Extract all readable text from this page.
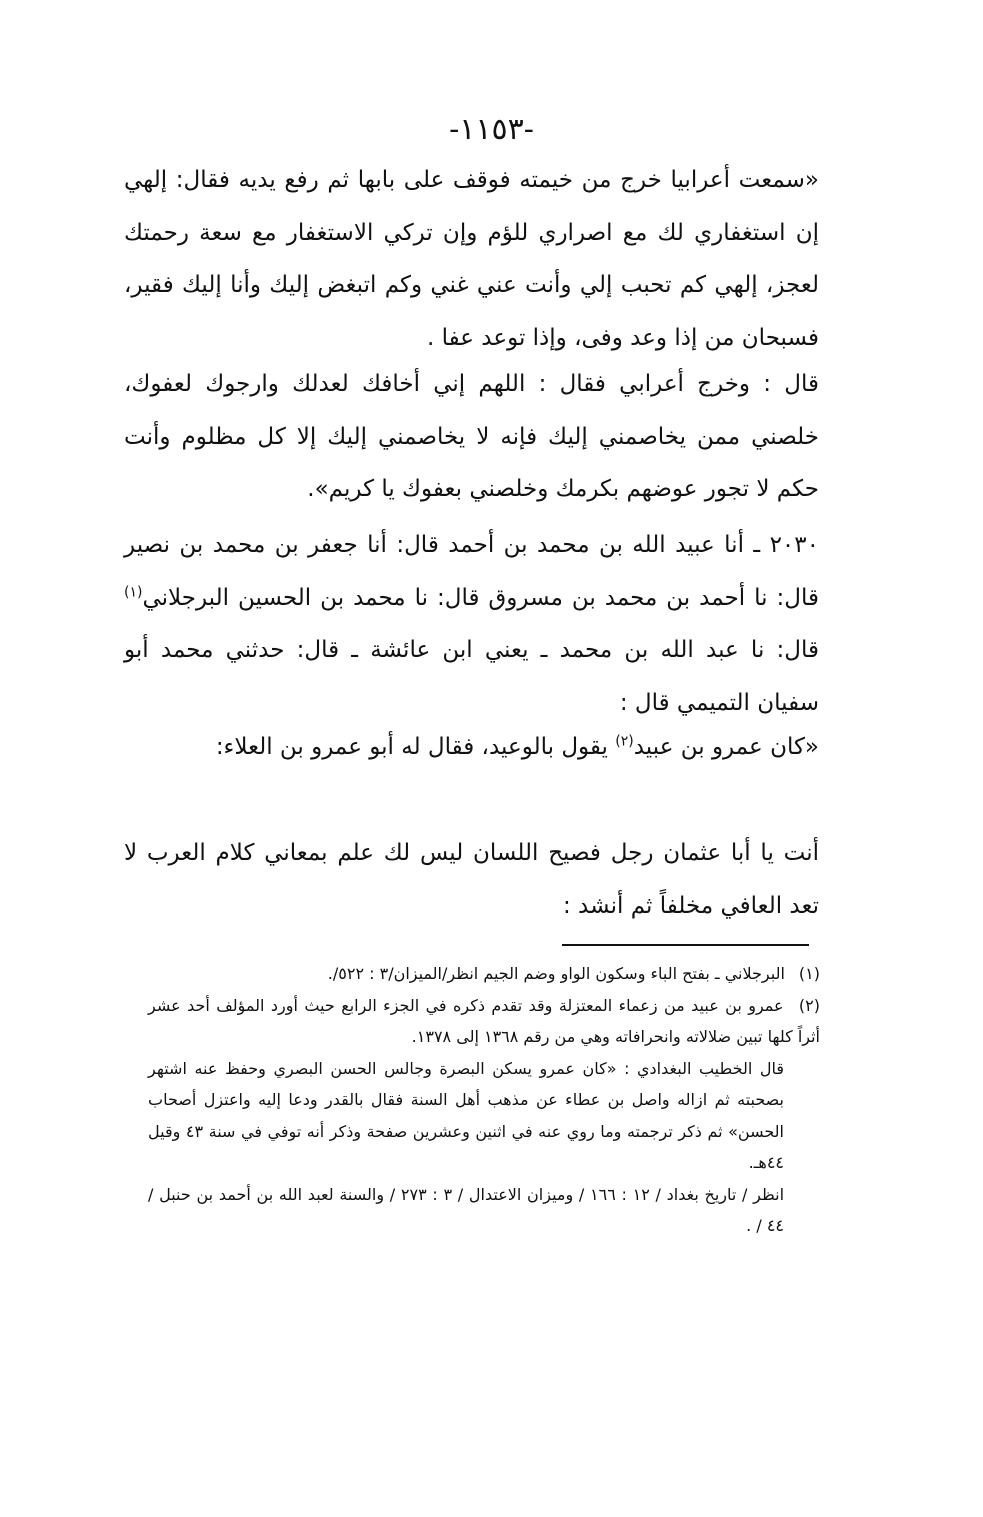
-١١٥٣-

«سمعت أعرابيا خرج من خيمته فوقف على بابها ثم رفع يديه فقال: إلهي إن استغفاري لك مع اصراري للؤم وإن تركي الاستغفار مع سعة رحمتك لعجز، إلهي كم تحبب إلي وأنت عني غني وكم اتبغض إليك وأنا إليك فقير، فسبحان من إذا وعد وفى، وإذا توعد عفا .

قال : وخرج أعرابي فقال : اللهم إني أخافك لعدلك وارجوك لعفوك، خلصني ممن يخاصمني إليك فإنه لا يخاصمني إليك إلا كل مظلوم وأنت حكم لا تجور عوضهم بكرمك وخلصني بعفوك يا كريم».

٢٠٣٠ ـ أنا عبيد الله بن محمد بن أحمد قال: أنا جعفر بن محمد بن نصير قال: نا أحمد بن محمد بن مسروق قال: نا محمد بن الحسين البرجلاني$^{(١)}$ قال: نا عبد الله بن محمد ـ يعني ابن عائشة ـ قال: حدثني محمد أبو سفيان التميمي قال :

«كان عمرو بن عبيد$^{(٢)}$ يقول بالوعيد، فقال له أبو عمرو بن العلاء:

أنت يا أبا عثمان رجل فصيح اللسان ليس لك علم بمعاني كلام العرب لا تعد العافي مخلفاً ثم أنشد :

(١) البرجلاني ـ بفتح الباء وسكون الواو وضم الجيم انظر/الميزان/٣ : ٥٢٢/.

(٢) عمرو بن عبيد من زعماء المعتزلة وقد تقدم ذكره في الجزء الرابع حيث أورد المؤلف أحد عشر أثراً كلها تبين ضلالاته وانحرافاته وهي من رقم ١٣٦٨ إلى ١٣٧٨.

قال الخطيب البغدادي : «كان عمرو يسكن البصرة وجالس الحسن البصري وحفظ عنه اشتهر بصحبته ثم ازاله واصل بن عطاء عن مذهب أهل السنة فقال بالقدر ودعا إليه واعتزل أصحاب الحسن» ثم ذكر ترجمته وما روي عنه في اثنين وعشرين صفحة وذكر أنه توفي في سنة ٤٣ وقيل ٤٤هـ.

انظر / تاريخ بغداد / ١٢ : ١٦٦ / وميزان الاعتدال / ٣ : ٢٧٣ / والسنة لعبد الله بن أحمد بن حنبل / ٤٤ / .
